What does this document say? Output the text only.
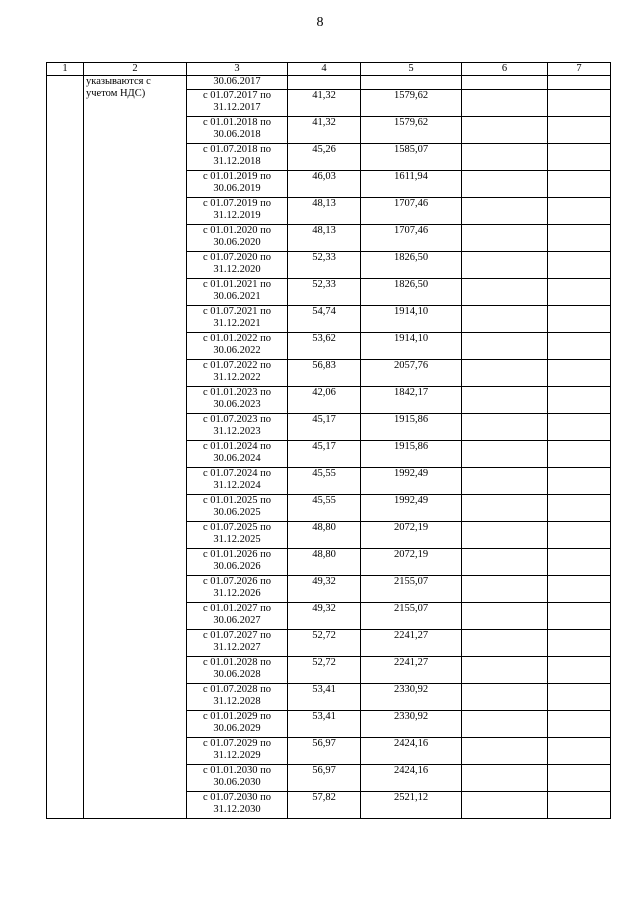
8
1	2	3	4	5	6	7
	указываются с учетом НДС)	30.06.2017				

		с 01.07.2017 по
31.12.2017	41,32	1579,62		

		с 01.01.2018 по
30.06.2018	41,32	1579,62		

		с 01.07.2018 по
31.12.2018	45,26	1585,07		

		с 01.01.2019 по
30.06.2019	46,03	1611,94		

		с 01.07.2019 по
31.12.2019	48,13	1707,46		

		с 01.01.2020 по
30.06.2020	48,13	1707,46		

		с 01.07.2020 по
31.12.2020	52,33	1826,50		

		с 01.01.2021 по
30.06.2021	52,33	1826,50		

		с 01.07.2021 по
31.12.2021	54,74	1914,10		

		с 01.01.2022 по
30.06.2022	53,62	1914,10		

		с 01.07.2022 по
31.12.2022	56,83	2057,76		

		с 01.01.2023 по
30.06.2023	42,06	1842,17		

		с 01.07.2023 по
31.12.2023	45,17	1915,86		

		с 01.01.2024 по
30.06.2024	45,17	1915,86		

		с 01.07.2024 по
31.12.2024	45,55	1992,49		

		с 01.01.2025 по
30.06.2025	45,55	1992,49		

		с 01.07.2025 по
31.12.2025	48,80	2072,19		

		с 01.01.2026 по
30.06.2026	48,80	2072,19		

		с 01.07.2026 по
31.12.2026	49,32	2155,07		

		с 01.01.2027 по
30.06.2027	49,32	2155,07		

		с 01.07.2027 по
31.12.2027	52,72	2241,27		

		с 01.01.2028 по
30.06.2028	52,72	2241,27		

		с 01.07.2028 по
31.12.2028	53,41	2330,92		

		с 01.01.2029 по
30.06.2029	53,41	2330,92		

		с 01.07.2029 по
31.12.2029	56,97	2424,16		

		с 01.01.2030 по
30.06.2030	56,97	2424,16		

		с 01.07.2030 по
31.12.2030	57,82	2521,12		
